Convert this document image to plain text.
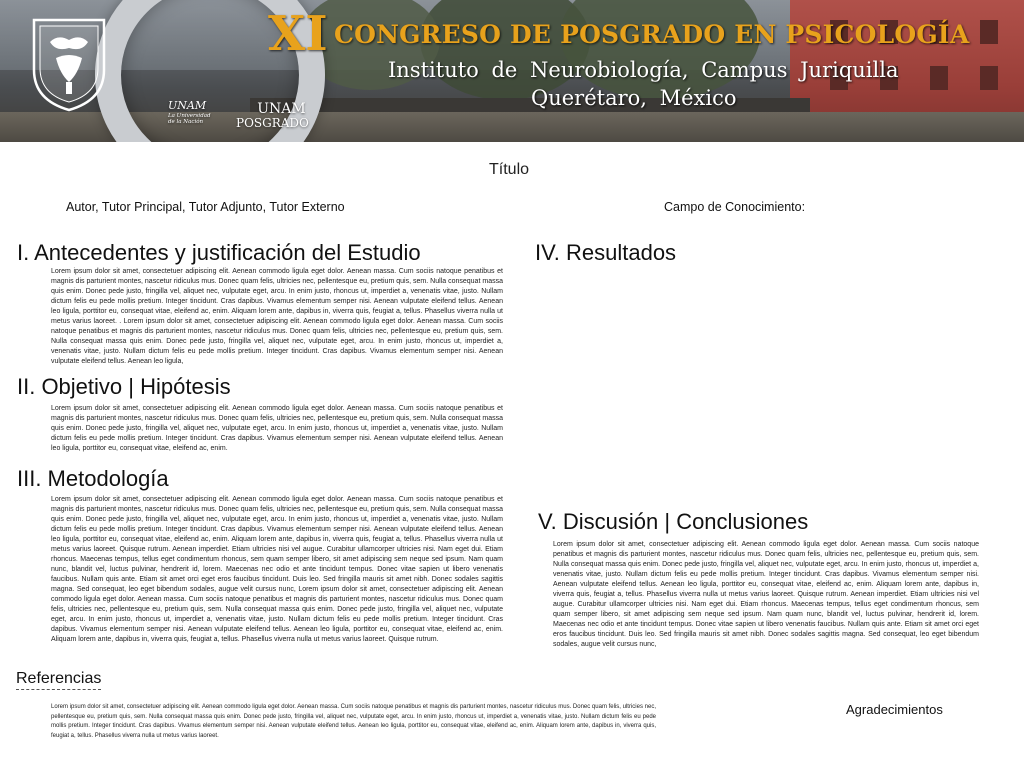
UNAM
La Universidad de la Nación
UNAM
POSGRADO
XI CONGRESO DE POSGRADO EN PSICOLOGÍA
Instituto de Neurobiología, Campus Juriquilla
Querétaro, México
Título
Autor, Tutor Principal, Tutor Adjunto, Tutor Externo	Campo de Conocimiento:
I. Antecedentes y justificación del Estudio
Lorem ipsum dolor sit amet, consectetuer adipiscing elit. Aenean commodo ligula eget dolor. Aenean massa. Cum sociis natoque penatibus et magnis dis parturient montes, nascetur ridiculus mus. Donec quam felis, ultricies nec, pellentesque eu, pretium quis, sem. Nulla consequat massa quis enim. Donec pede justo, fringilla vel, aliquet nec, vulputate eget, arcu. In enim justo, rhoncus ut, imperdiet a, venenatis vitae, justo. Nullam dictum felis eu pede mollis pretium. Integer tincidunt. Cras dapibus. Vivamus elementum semper nisi. Aenean vulputate eleifend tellus. Aenean leo ligula, porttitor eu, consequat vitae, eleifend ac, enim. Aliquam lorem ante, dapibus in, viverra quis, feugiat a, tellus. Phasellus viverra nulla ut metus varius laoreet. . Lorem ipsum dolor sit amet, consectetuer adipiscing elit. Aenean commodo ligula eget dolor. Aenean massa. Cum sociis natoque penatibus et magnis dis parturient montes, nascetur ridiculus mus. Donec quam felis, ultricies nec, pellentesque eu, pretium quis, sem. Nulla consequat massa quis enim. Donec pede justo, fringilla vel, aliquet nec, vulputate eget, arcu. In enim justo, rhoncus ut, imperdiet a, venenatis vitae, justo. Nullam dictum felis eu pede mollis pretium. Integer tincidunt. Cras dapibus. Vivamus elementum semper nisi. Aenean vulputate eleifend tellus. Aenean leo ligula,
II. Objetivo | Hipótesis
Lorem ipsum dolor sit amet, consectetuer adipiscing elit. Aenean commodo ligula eget dolor. Aenean massa. Cum sociis natoque penatibus et magnis dis parturient montes, nascetur ridiculus mus. Donec quam felis, ultricies nec, pellentesque eu, pretium quis, sem. Nulla consequat massa quis enim. Donec pede justo, fringilla vel, aliquet nec, vulputate eget, arcu. In enim justo, rhoncus ut, imperdiet a, venenatis vitae, justo. Nullam dictum felis eu pede mollis pretium. Integer tincidunt. Cras dapibus. Vivamus elementum semper nisi. Aenean vulputate eleifend tellus. Aenean leo ligula, porttitor eu, consequat vitae, eleifend ac, enim.
III. Metodología
Lorem ipsum dolor sit amet, consectetuer adipiscing elit. Aenean commodo ligula eget dolor. Aenean massa. Cum sociis natoque penatibus et magnis dis parturient montes, nascetur ridiculus mus. Donec quam felis, ultricies nec, pellentesque eu, pretium quis, sem. Nulla consequat massa quis enim. Donec pede justo, fringilla vel, aliquet nec, vulputate eget, arcu. In enim justo, rhoncus ut, imperdiet a, venenatis vitae, justo. Nullam dictum felis eu pede mollis pretium. Integer tincidunt. Cras dapibus. Vivamus elementum semper nisi. Aenean vulputate eleifend tellus. Aenean leo ligula, porttitor eu, consequat vitae, eleifend ac, enim. Aliquam lorem ante, dapibus in, viverra quis, feugiat a, tellus. Phasellus viverra nulla ut metus varius laoreet. Quisque rutrum. Aenean imperdiet. Etiam ultricies nisi vel augue. Curabitur ullamcorper ultricies nisi. Nam eget dui. Etiam rhoncus. Maecenas tempus, tellus eget condimentum rhoncus, sem quam semper libero, sit amet adipiscing sem neque sed ipsum. Nam quam nunc, blandit vel, luctus pulvinar, hendrerit id, lorem. Maecenas nec odio et ante tincidunt tempus. Donec vitae sapien ut libero venenatis faucibus. Nullam quis ante. Etiam sit amet orci eget eros faucibus tincidunt. Duis leo. Sed fringilla mauris sit amet nibh. Donec sodales sagittis magna. Sed consequat, leo eget bibendum sodales, augue velit cursus nunc, Lorem ipsum dolor sit amet, consectetuer adipiscing elit. Aenean commodo ligula eget dolor. Aenean massa. Cum sociis natoque penatibus et magnis dis parturient montes, nascetur ridiculus mus. Donec quam felis, ultricies nec, pellentesque eu, pretium quis, sem. Nulla consequat massa quis enim. Donec pede justo, fringilla vel, aliquet nec, vulputate eget, arcu. In enim justo, rhoncus ut, imperdiet a, venenatis vitae, justo. Nullam dictum felis eu pede mollis pretium. Integer tincidunt. Cras dapibus. Vivamus elementum semper nisi. Aenean vulputate eleifend tellus. Aenean leo ligula, porttitor eu, consequat vitae, eleifend ac, enim. Aliquam lorem ante, dapibus in, viverra quis, feugiat a, tellus. Phasellus viverra nulla ut metus varius laoreet. Quisque rutrum.
IV. Resultados
V. Discusión | Conclusiones
Lorem ipsum dolor sit amet, consectetuer adipiscing elit. Aenean commodo ligula eget dolor. Aenean massa. Cum sociis natoque penatibus et magnis dis parturient montes, nascetur ridiculus mus. Donec quam felis, ultricies nec, pellentesque eu, pretium quis, sem. Nulla consequat massa quis enim. Donec pede justo, fringilla vel, aliquet nec, vulputate eget, arcu. In enim justo, rhoncus ut, imperdiet a, venenatis vitae, justo. Nullam dictum felis eu pede mollis pretium. Integer tincidunt. Cras dapibus. Vivamus elementum semper nisi. Aenean vulputate eleifend tellus. Aenean leo ligula, porttitor eu, consequat vitae, eleifend ac, enim. Aliquam lorem ante, dapibus in, viverra quis, feugiat a, tellus. Phasellus viverra nulla ut metus varius laoreet. Quisque rutrum. Aenean imperdiet. Etiam ultricies nisi vel augue. Curabitur ullamcorper ultricies nisi. Nam eget dui. Etiam rhoncus. Maecenas tempus, tellus eget condimentum rhoncus, sem quam semper libero, sit amet adipiscing sem neque sed ipsum. Nam quam nunc, blandit vel, luctus pulvinar, hendrerit id, lorem. Maecenas nec odio et ante tincidunt tempus. Donec vitae sapien ut libero venenatis faucibus. Nullam quis ante. Etiam sit amet orci eget eros faucibus tincidunt. Duis leo. Sed fringilla mauris sit amet nibh. Donec sodales sagittis magna. Sed consequat, leo eget bibendum sodales, augue velit cursus nunc,
Referencias
Lorem ipsum dolor sit amet, consectetuer adipiscing elit. Aenean commodo ligula eget dolor. Aenean massa. Cum sociis natoque penatibus et magnis dis parturient montes, nascetur ridiculus mus. Donec quam felis, ultricies nec, pellentesque eu, pretium quis, sem. Nulla consequat massa quis enim. Donec pede justo, fringilla vel, aliquet nec, vulputate eget, arcu. In enim justo, rhoncus ut, imperdiet a, venenatis vitae, justo. Nullam dictum felis eu pede mollis pretium. Integer tincidunt. Cras dapibus. Vivamus elementum semper nisi. Aenean vulputate eleifend tellus. Aenean leo ligula, porttitor eu, consequat vitae, eleifend ac, enim. Aliquam lorem ante, dapibus in, viverra quis, feugiat a, tellus. Phasellus viverra nulla ut metus varius laoreet.
Agradecimientos
